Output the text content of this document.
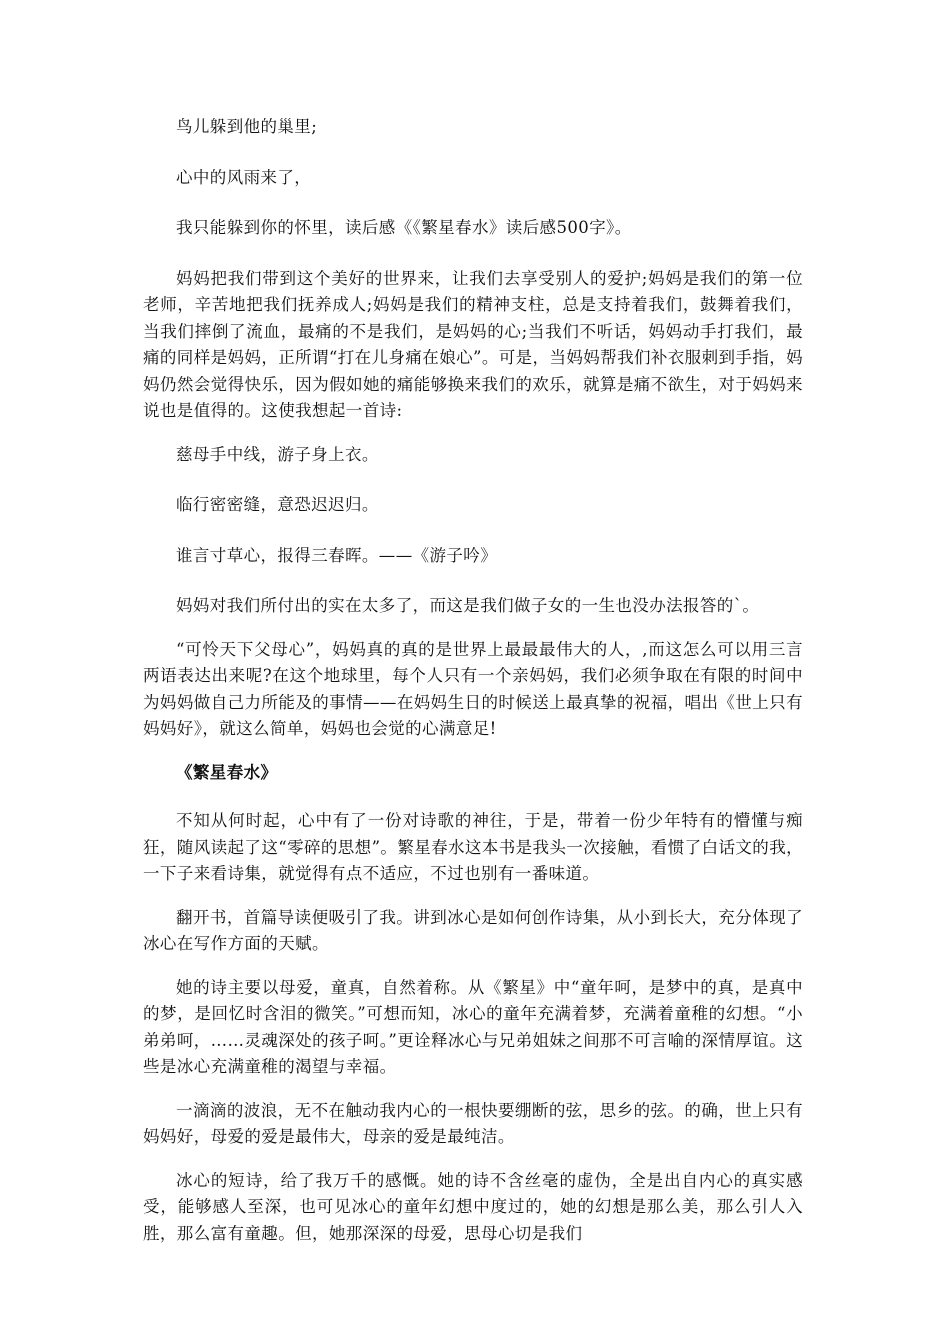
鸟儿躲到他的巢里;

心中的风雨来了，

我只能躲到你的怀里，读后感《《繁星春水》读后感500字》。

妈妈把我们带到这个美好的世界来，让我们去享受别人的爱护;妈妈是我们的第一位老师，辛苦地把我们抚养成人;妈妈是我们的精神支柱，总是支持着我们，鼓舞着我们，当我们摔倒了流血，最痛的不是我们，是妈妈的心;当我们不听话，妈妈动手打我们，最痛的同样是妈妈，正所谓“打在儿身痛在娘心”。可是，当妈妈帮我们补衣服刺到手指，妈妈仍然会觉得快乐，因为假如她的痛能够换来我们的欢乐，就算是痛不欲生，对于妈妈来说也是值得的。这使我想起一首诗:

慈母手中线，游子身上衣。

临行密密缝，意恐迟迟归。

谁言寸草心，报得三春晖。——《游子吟》

妈妈对我们所付出的实在太多了，而这是我们做子女的一生也没办法报答的`。

“可怜天下父母心”，妈妈真的真的是世界上最最最伟大的人，,而这怎么可以用三言两语表达出来呢?在这个地球里，每个人只有一个亲妈妈，我们必须争取在有限的时间中为妈妈做自己力所能及的事情——在妈妈生日的时候送上最真挚的祝福，唱出《世上只有妈妈好》，就这么简单，妈妈也会觉的心满意足!

《繁星春水》

不知从何时起，心中有了一份对诗歌的神往，于是，带着一份少年特有的懵懂与痴狂，随风读起了这“零碎的思想”。繁星春水这本书是我头一次接触，看惯了白话文的我，一下子来看诗集，就觉得有点不适应，不过也别有一番味道。

翻开书，首篇导读便吸引了我。讲到冰心是如何创作诗集，从小到长大，充分体现了冰心在写作方面的天赋。

她的诗主要以母爱，童真，自然着称。从《繁星》中“童年呵，是梦中的真，是真中的梦，是回忆时含泪的微笑。”可想而知，冰心的童年充满着梦，充满着童稚的幻想。“小弟弟呵，……灵魂深处的孩子呵。”更诠释冰心与兄弟姐妹之间那不可言喻的深情厚谊。这些是冰心充满童稚的渴望与幸福。

一滴滴的波浪，无不在触动我内心的一根快要绷断的弦，思乡的弦。的确，世上只有妈妈好，母爱的爱是最伟大，母亲的爱是最纯洁。

冰心的短诗，给了我万千的感慨。她的诗不含丝毫的虚伪，全是出自内心的真实感受，能够感人至深，也可见冰心的童年幻想中度过的，她的幻想是那么美，那么引人入胜，那么富有童趣。但，她那深深的母爱，思母心切是我们
